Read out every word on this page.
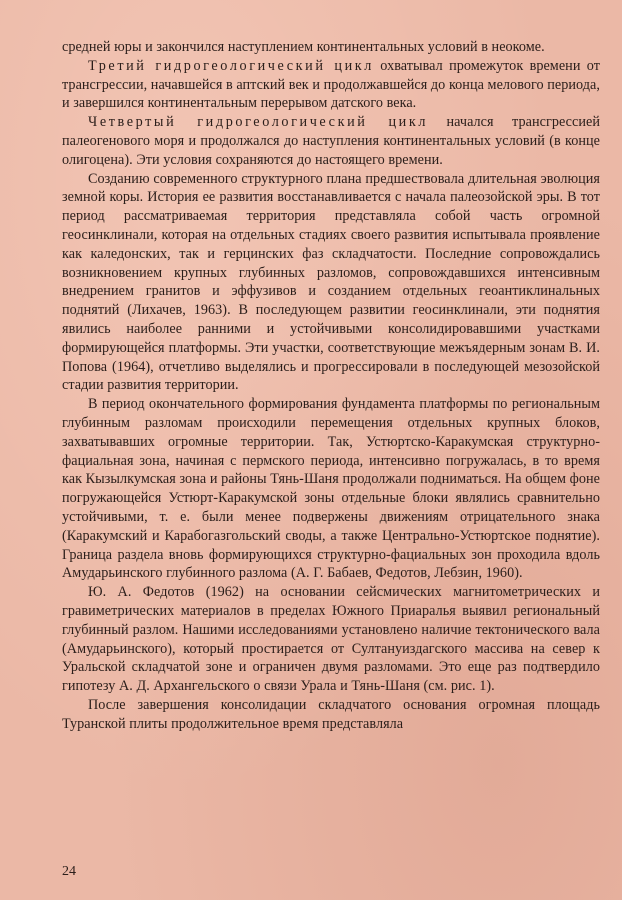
средней юры и закончился наступлением континентальных условий в неокоме.

Третий гидрогеологический цикл охватывал промежуток времени от трансгрессии, начавшейся в аптский век и продолжавшейся до конца мелового периода, и завершился континентальным перерывом датского века.

Четвертый гидрогеологический цикл начался трансгрессией палеогенового моря и продолжался до наступления континентальных условий (в конце олигоцена). Эти условия сохраняются до настоящего времени.

Созданию современного структурного плана предшествовала длительная эволюция земной коры. История ее развития восстанавливается с начала палеозойской эры. В тот период рассматриваемая территория представляла собой часть огромной геосинклинали, которая на отдельных стадиях своего развития испытывала проявление как каледонских, так и герцинских фаз складчатости. Последние сопровождались возникновением крупных глубинных разломов, сопровождавшихся интенсивным внедрением гранитов и эффузивов и созданием отдельных геоантиклинальных поднятий (Лихачев, 1963). В последующем развитии геосинклинали, эти поднятия явились наиболее ранними и устойчивыми консолидировавшими участками формирующейся платформы. Эти участки, соответствующие межъядерным зонам В. И. Попова (1964), отчетливо выделялись и прогрессировали в последующей мезозойской стадии развития территории.

В период окончательного формирования фундамента платформы по региональным глубинным разломам происходили перемещения отдельных крупных блоков, захватывавших огромные территории. Так, Устюртско-Каракумская структурно-фациальная зона, начиная с пермского периода, интенсивно погружалась, в то время как Кызылкумская зона и районы Тянь-Шаня продолжали подниматься. На общем фоне погружающейся Устюрт-Каракумской зоны отдельные блоки являлись сравнительно устойчивыми, т. е. были менее подвержены движениям отрицательного знака (Каракумский и Карабогазгольский своды, а также Центрально-Устюртское поднятие). Граница раздела вновь формирующихся структурно-фациальных зон проходила вдоль Амударьинского глубинного разлома (А. Г. Бабаев, Федотов, Лебзин, 1960).

Ю. А. Федотов (1962) на основании сейсмических магнитометрических и гравиметрических материалов в пределах Южного Приаралья выявил региональный глубинный разлом. Нашими исследованиями установлено наличие тектонического вала (Амударьинского), который простирается от Султануиздагского массива на север к Уральской складчатой зоне и ограничен двумя разломами. Это еще раз подтвердило гипотезу А. Д. Архангельского о связи Урала и Тянь-Шаня (см. рис. 1).

После завершения консолидации складчатого основания огромная площадь Туранской плиты продолжительное время представляла

24
